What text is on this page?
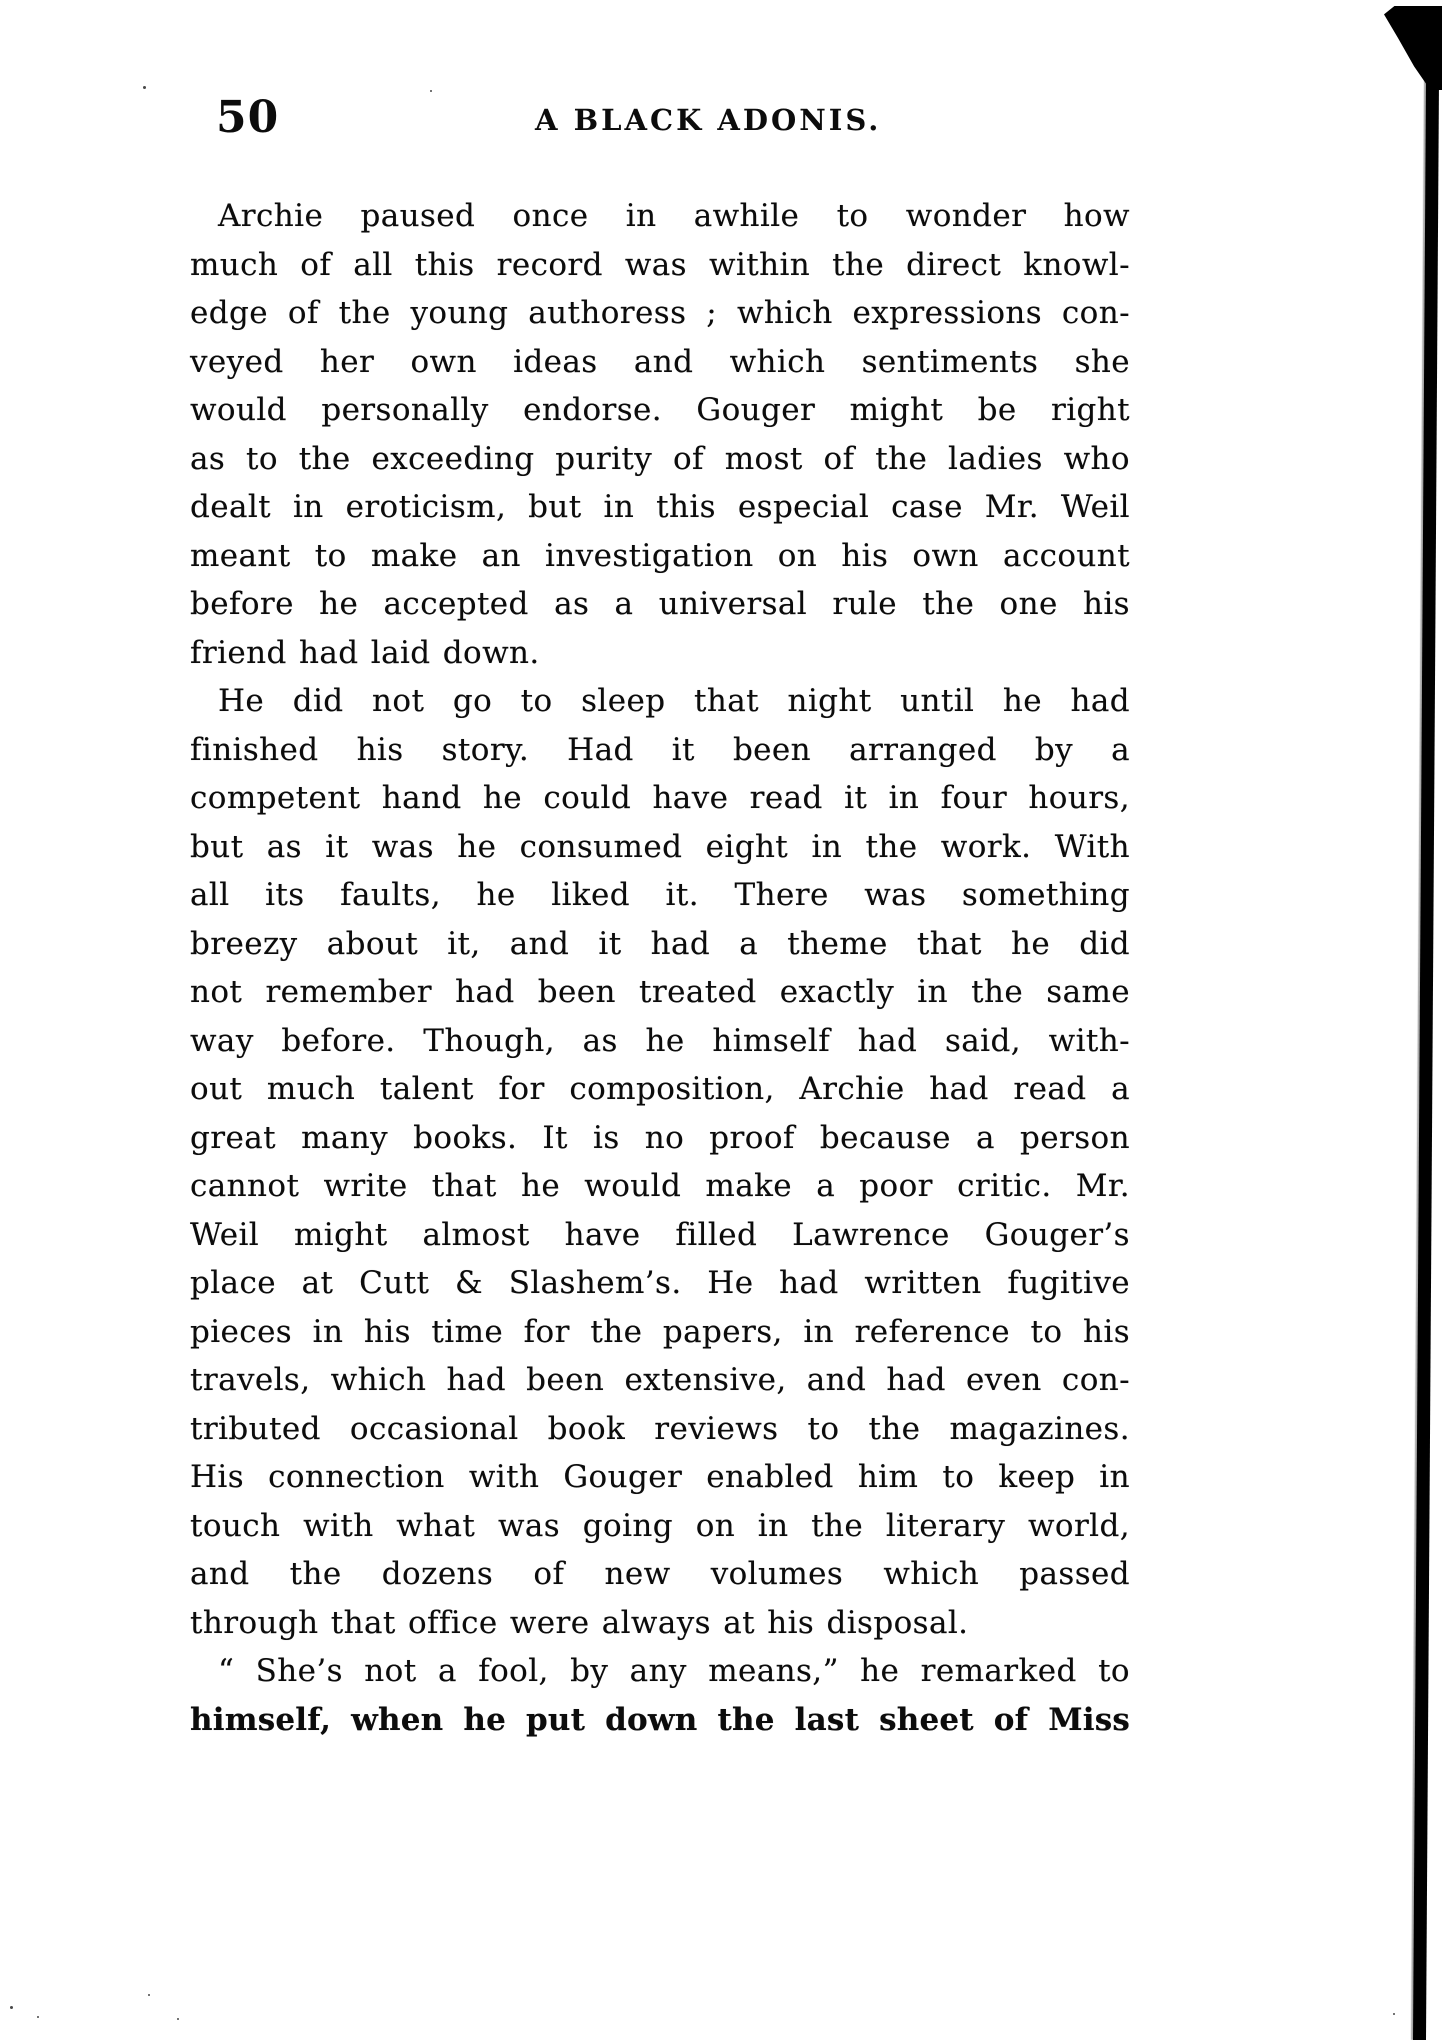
50	A BLACK ADONIS.
Archie paused once in awhile to wonder how
much of all this record was within the direct knowl-
edge of the young authoress ; which expressions con-
veyed her own ideas and which sentiments she
would personally endorse. Gouger might be right
as to the exceeding purity of most of the ladies who
dealt in eroticism, but in this especial case Mr. Weil
meant to make an investigation on his own account
before he accepted as a universal rule the one his
friend had laid down.
He did not go to sleep that night until he had
finished his story. Had it been arranged by a
competent hand he could have read it in four hours,
but as it was he consumed eight in the work. With
all its faults, he liked it. There was something
breezy about it, and it had a theme that he did
not remember had been treated exactly in the same
way before. Though, as he himself had said, with-
out much talent for composition, Archie had read a
great many books. It is no proof because a person
cannot write that he would make a poor critic. Mr.
Weil might almost have filled Lawrence Gouger’s
place at Cutt & Slashem’s. He had written fugitive
pieces in his time for the papers, in reference to his
travels, which had been extensive, and had even con-
tributed occasional book reviews to the magazines.
His connection with Gouger enabled him to keep in
touch with what was going on in the literary world,
and the dozens of new volumes which passed
through that office were always at his disposal.
“ She’s not a fool, by any means,” he remarked to
himself, when he put down the last sheet of Miss
